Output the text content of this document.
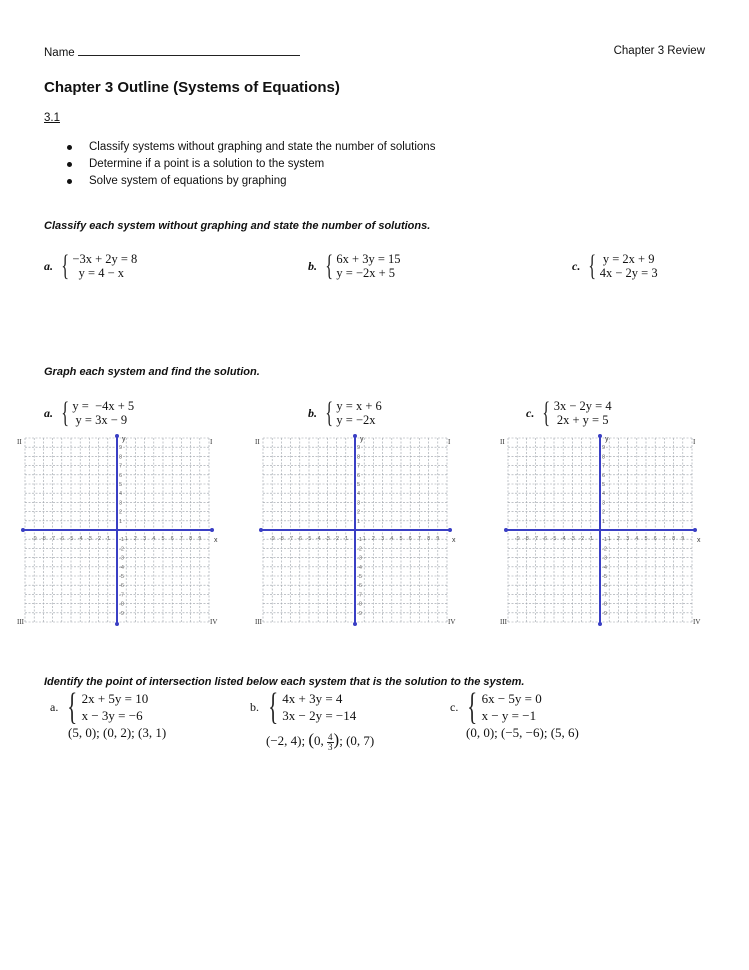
Name	Chapter 3 Review
Chapter 3 Outline (Systems of Equations)
3.1
Classify systems without graphing and state the number of solutions
Determine if a point is a solution to the system
Solve system of equations by graphing
Classify each system without graphing and state the number of solutions.
a. { −3x + 2y = 8
y = 4 − x
b. { 6x + 3y = 15
y = −2x + 5
c. { y = 2x + 9
4x − 2y = 3
Graph each system and find the solution.
a. { y =  −4x + 5
y = 3x − 9
b. { y = x + 6
y = −2x
c. { 3x − 2y = 4
2x + y = 5
-9 -8 -7 -6 -5 -4 -3 -2 -1	1 2 3 4 5 6 7 8 9
9
8
7
6
5
4
3
2
1
-1
-2
-3
-4
-5
-6
-7
-8
-9
x
y	I
II
III	IV
-9 -8 -7 -6 -5 -4 -3 -2 -1	1 2 3 4 5 6 7 8 9
9
8
7
6
5
4
3
2
1
-1
-2
-3
-4
-5
-6
-7
-8
-9
x
y	I
II
III	IV
-9 -8 -7 -6 -5 -4 -3 -2 -1	1 2 3 4 5 6 7 8 9
9
8
7
6
5
4
3
2
1
-1
-2
-3
-4
-5
-6
-7
-8
-9
x
y	I
II
III	IV
Identify the point of intersection listed below each system that is the solution to the system.
a. { 2x + 5y = 10
x − 3y = −6
(5, 0); (0, 2); (3, 1)
b. { 4x + 3y = 4
3x − 2y = −14
(−2, 4); (0, $\frac{4}{3}$ ); (0, 7)
c. { 6x − 5y = 0
x − y = −1
(0, 0); (−5, −6); (5, 6)
